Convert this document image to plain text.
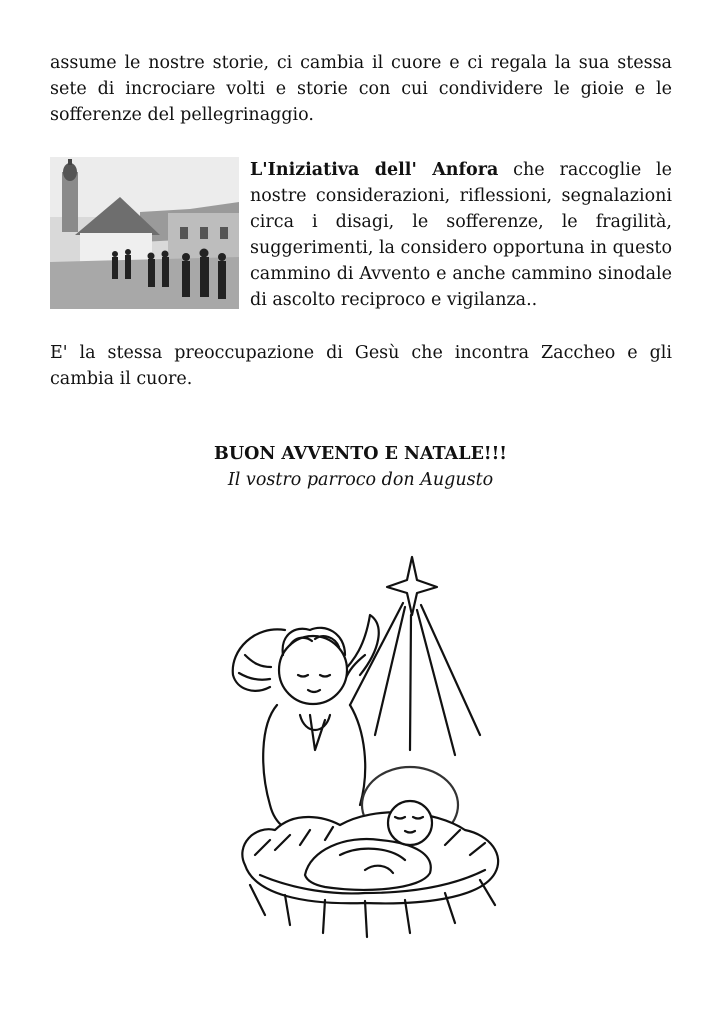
assume le nostre storie, ci cambia il cuore e ci regala la sua stessa sete di incrociare volti e storie con cui condividere le gioie e le sofferenze del pellegrinaggio.

L'Iniziativa dell' Anfora che raccoglie le nostre considerazioni, riflessioni, segnalazioni circa i disagi, le sofferenze, le fragilità, suggerimenti, la considero opportuna in questo cammino di Avvento e anche cammino sinodale di ascolto reciproco e vigilanza..

E' la stessa preoccupazione di Gesù che incontra Zaccheo e gli cambia il cuore.

BUON AVVENTO E NATALE!!!

Il vostro parroco don Augusto
